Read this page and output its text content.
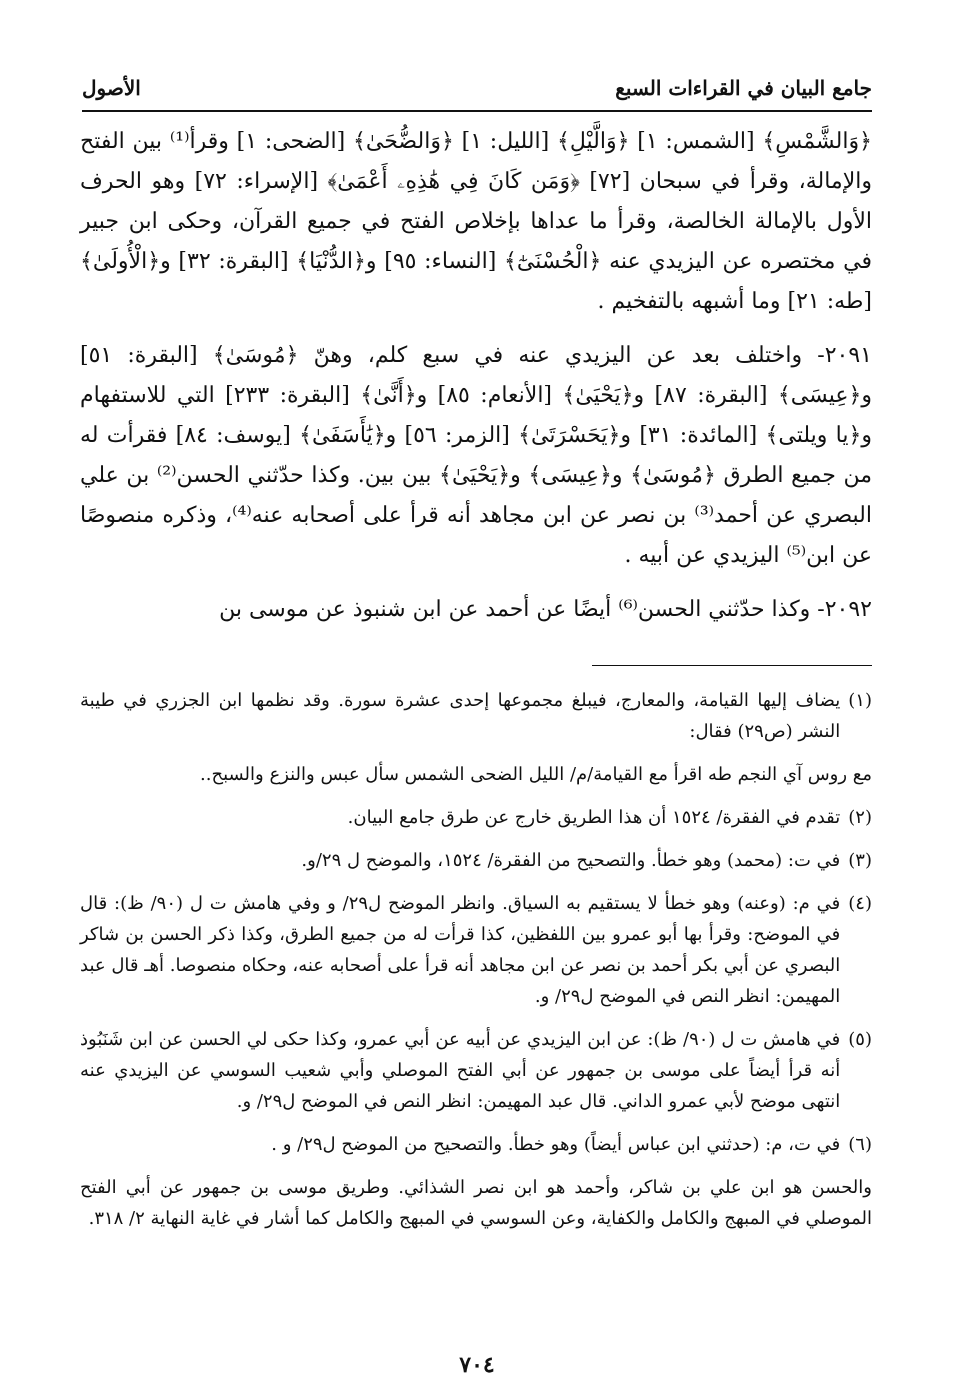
الأصول	جامع البيان في القراءات السبع

﴿وَالشَّمْسِ﴾ [الشمس: ١] ﴿وَالَّيْلِ﴾ [الليل: ١] ﴿وَالضُّحَىٰ﴾ [الضحى: ١] وقرأ⁽¹⁾ بين الفتح والإمالة، وقرأ في سبحان [٧٢] ﴿وَمَن كَانَ فِي هَٰذِهِۦ أَعْمَىٰ﴾ [الإسراء: ٧٢] وهو الحرف الأول بالإمالة الخالصة، وقرأ ما عداها بإخلاص الفتح في جميع القرآن، وحكى ابن جبير في مختصره عن اليزيدي عنه ﴿الْحُسْنَىٰٓ﴾ [النساء: ٩٥] و﴿الدُّنْيَا﴾ [البقرة: ٣٢] و﴿الْأُولَىٰ﴾ [طه: ٢١] وما أشبهه بالتفخيم .

٢٠٩١- واختلف بعد عن اليزيدي عنه في سبع كلم، وهنّ ﴿مُوسَىٰ﴾ [البقرة: ٥١] و﴿عِيسَى﴾ [البقرة: ٨٧] و﴿يَحْيَىٰ﴾ [الأنعام: ٨٥] و﴿أَنَّىٰ﴾ [البقرة: ٢٣٣] التي للاستفهام و﴿يا ويلتى﴾ [المائدة: ٣١] و﴿يَحَسْرَتَىٰ﴾ [الزمر: ٥٦] و﴿يَٰأَسَفَىٰ﴾ [يوسف: ٨٤] فقرأت له من جميع الطرق ﴿مُوسَىٰ﴾ و﴿عِيسَى﴾ و﴿يَحْيَىٰ﴾ بين بين. وكذا حدّثني الحسن⁽²⁾ بن علي البصري عن أحمد⁽³⁾ بن نصر عن ابن مجاهد أنه قرأ على أصحابه عنه⁽⁴⁾، وذكره منصوصًا عن ابن⁽⁵⁾ اليزيدي عن أبيه .

٢٠٩٢- وكذا حدّثني الحسن⁽⁶⁾ أيضًا عن أحمد عن ابن شنبوذ عن موسى بن

(١)
يضاف إليها القيامة، والمعارج، فيبلغ مجموعها إحدى عشرة سورة. وقد نظمها ابن الجزري في طيبة النشر (ص٢٩) فقال:
مع روس آي النجم طه اقرأ مع القيامة/م/ الليل الضحى الشمس سأل عبس والنزع والسبح..
(٢)
تقدم في الفقرة/ ١٥٢٤ أن هذا الطريق خارج عن طرق جامع البيان.
(٣)
في ت: (محمد) وهو خطأ. والتصحيح من الفقرة/ ١٥٢٤، والموضح ل ٢٩/و.
(٤)
في م: (وعنه) وهو خطأ لا يستقيم به السياق. وانظر الموضح ل٢٩/ و وفي هامش ت ل (٩٠/ ظ): قال في الموضح: وقرأ بها أبو عمرو بين اللفظين، كذا قرأت له من جميع الطرق، وكذا ذكر الحسن بن شاكر البصري عن أبي بكر أحمد بن نصر عن ابن مجاهد أنه قرأ على أصحابه عنه، وحكاه منصوصا. أهـ قال عبد المهيمن: انظر النص في الموضح ل٢٩/ و.
(٥)
في هامش ت ل (٩٠/ ظ): عن ابن اليزيدي عن أبيه عن أبي عمرو، وكذا حكى لي الحسن عن ابن شَنَبُوذ أنه قرأ أيضاً على موسى بن جمهور عن أبي الفتح الموصلي وأبي شعيب السوسي عن اليزيدي عنه انتهى موضح لأبي عمرو الداني. قال عبد المهيمن: انظر النص في الموضح ل٢٩/ و.
(٦)
في ت، م: (حدثني ابن عباس أيضاً) وهو خطأ. والتصحيح من الموضح ل٢٩/ و .
والحسن هو ابن علي بن شاكر، وأحمد هو ابن نصر الشذائي. وطريق موسى بن جمهور عن أبي الفتح الموصلي في المبهج والكامل والكفاية، وعن السوسي في المبهج والكامل كما أشار في غاية النهاية ٢/ ٣١٨.
٧٠٤
